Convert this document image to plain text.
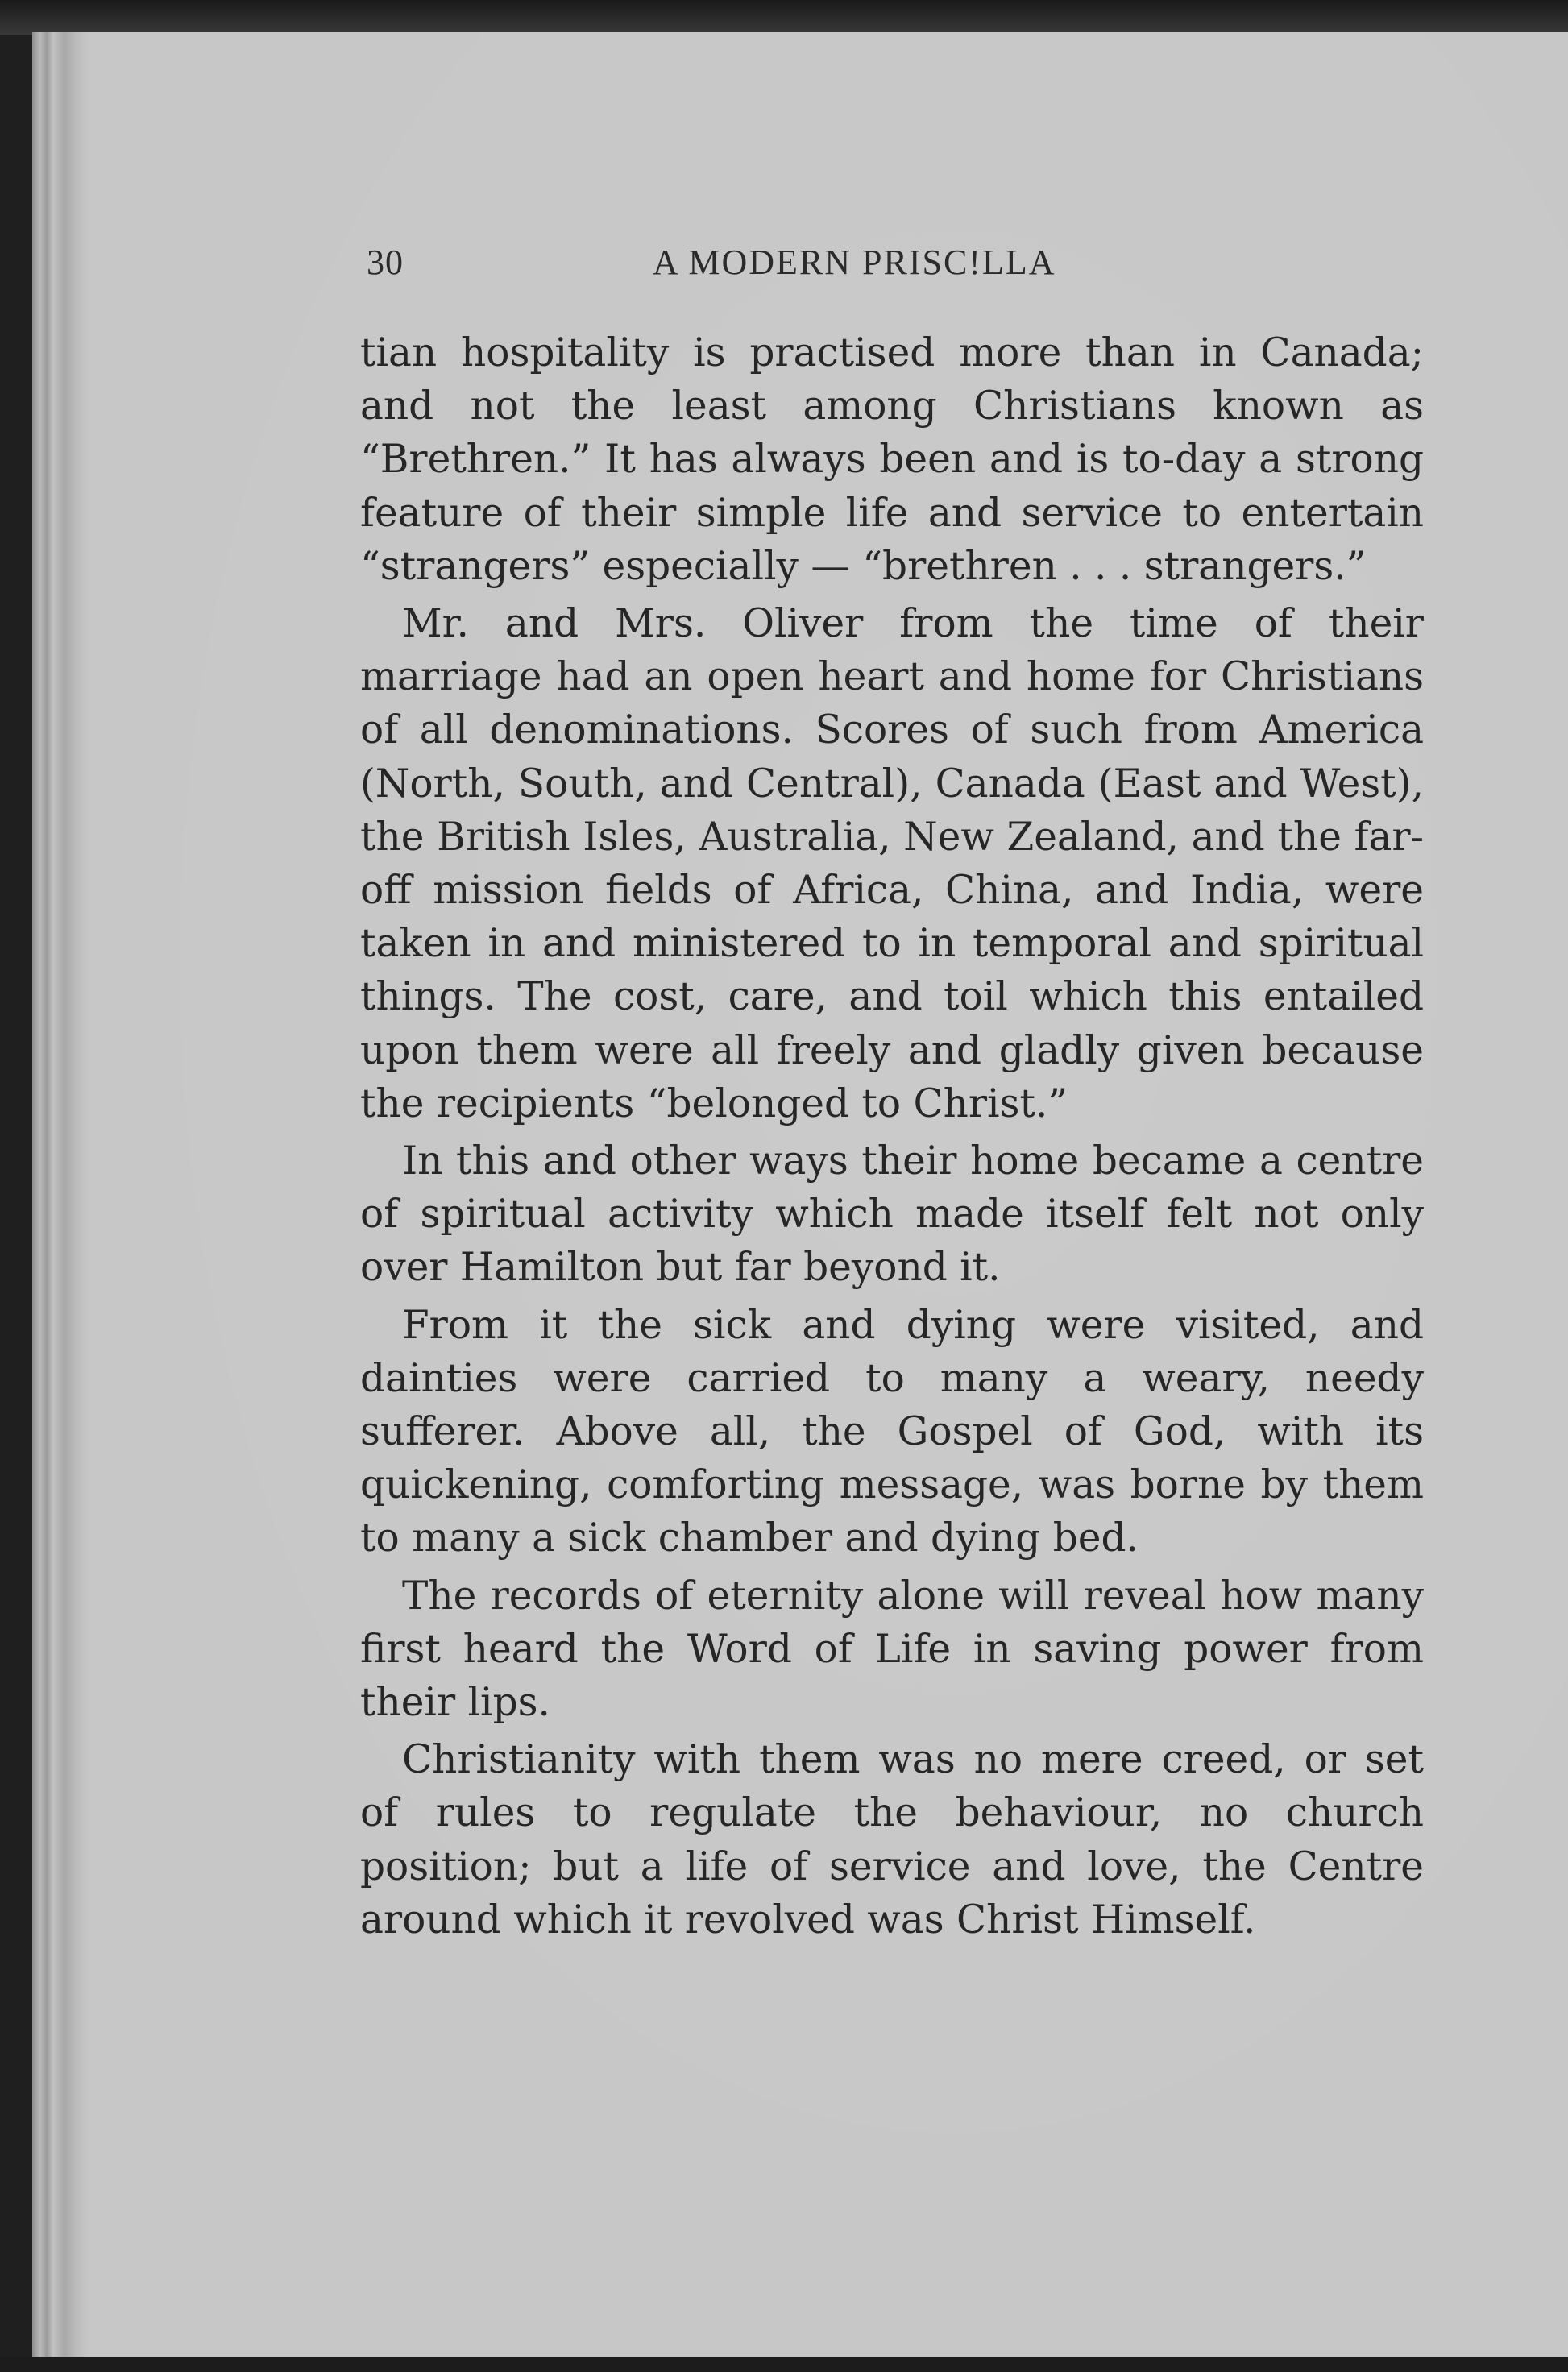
30	A MODERN PRISC!LLA

tian hospitality is practised more than in Canada; and not the least among Christians known as “Brethren.” It has always been and is to-day a strong feature of their simple life and service to entertain “strangers” especially — “brethren . . . strangers.”

Mr. and Mrs. Oliver from the time of their marriage had an open heart and home for Christians of all denominations. Scores of such from America (North, South, and Central), Canada (East and West), the British Isles, Australia, New Zealand, and the far-off mission fields of Africa, China, and India, were taken in and ministered to in temporal and spiritual things. The cost, care, and toil which this entailed upon them were all freely and gladly given because the recipients “belonged to Christ.”

In this and other ways their home became a centre of spiritual activity which made itself felt not only over Hamilton but far beyond it.

From it the sick and dying were visited, and dainties were carried to many a weary, needy sufferer. Above all, the Gospel of God, with its quickening, comforting message, was borne by them to many a sick chamber and dying bed.

The records of eternity alone will reveal how many first heard the Word of Life in saving power from their lips.

Christianity with them was no mere creed, or set of rules to regulate the behaviour, no church position; but a life of service and love, the Centre around which it revolved was Christ Himself.
